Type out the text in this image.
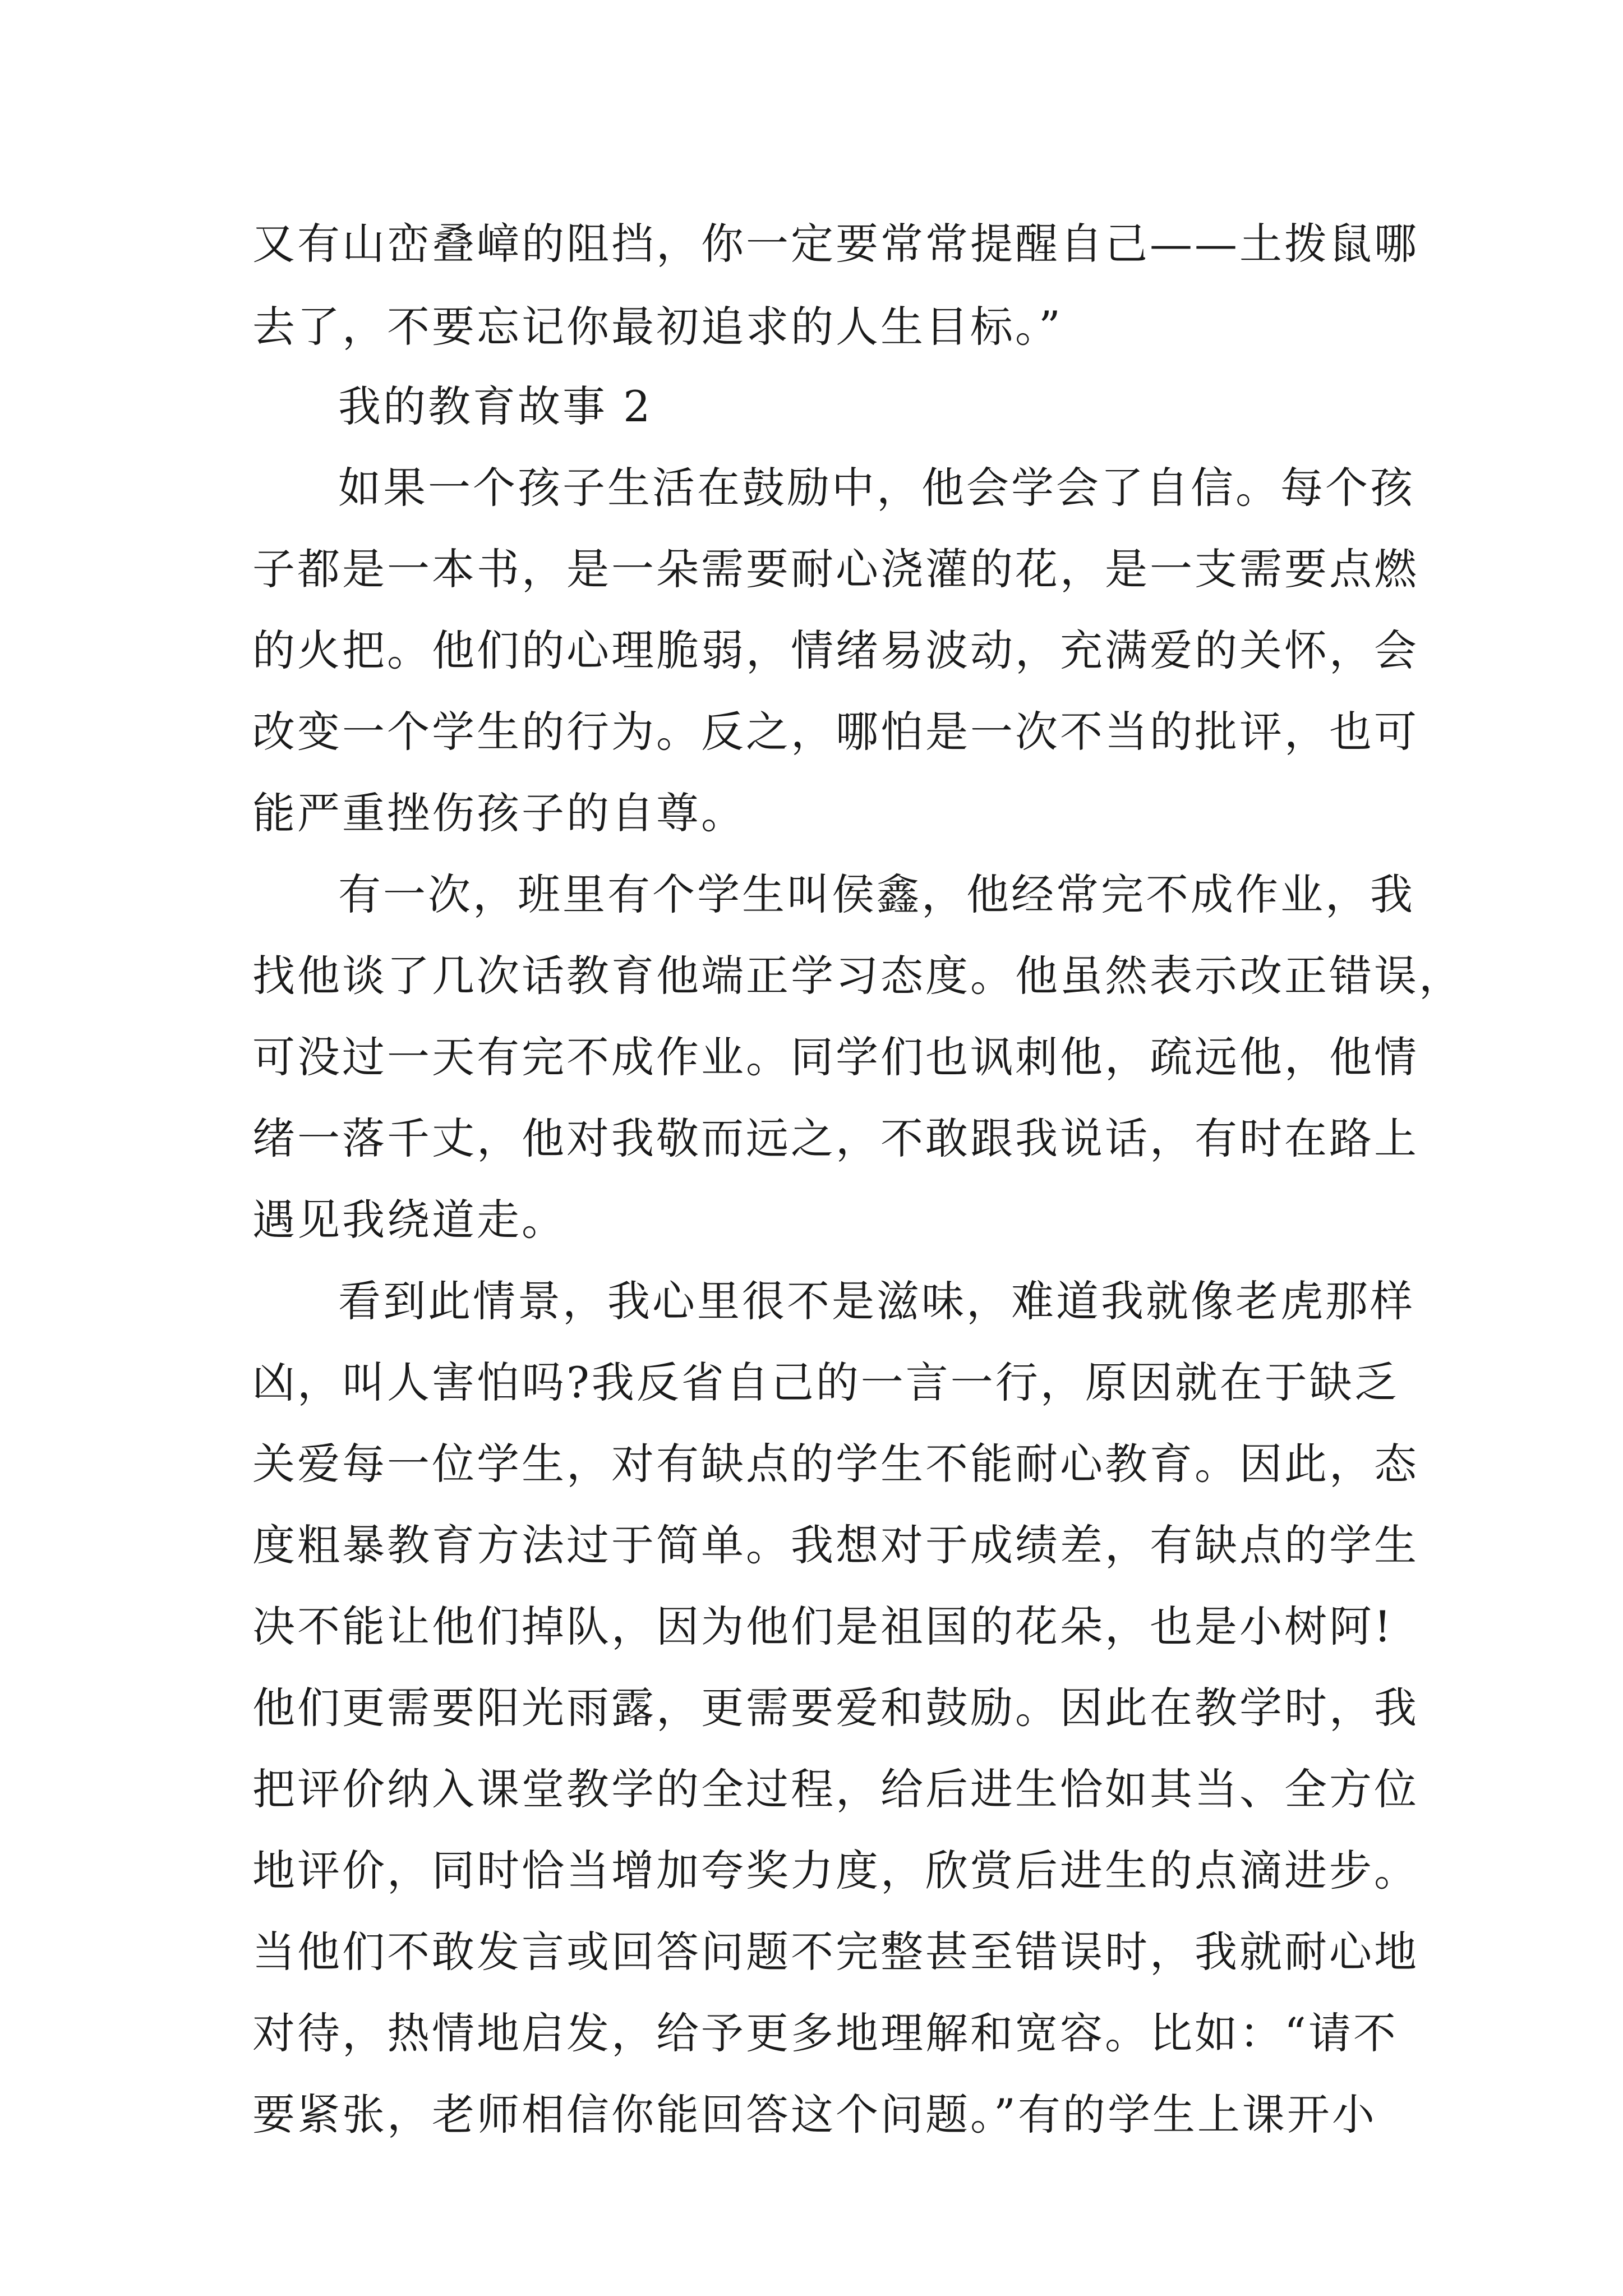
又有山峦叠嶂的阻挡，你一定要常常提醒自己——土拨鼠哪
去了，不要忘记你最初追求的人生目标。”
我的教育故事 2
如果一个孩子生活在鼓励中，他会学会了自信。每个孩
子都是一本书，是一朵需要耐心浇灌的花，是一支需要点燃
的火把。他们的心理脆弱，情绪易波动，充满爱的关怀，会
改变一个学生的行为。反之，哪怕是一次不当的批评，也可
能严重挫伤孩子的自尊。
有一次，班里有个学生叫侯鑫，他经常完不成作业，我
找他谈了几次话教育他端正学习态度。他虽然表示改正错误，
可没过一天有完不成作业。同学们也讽刺他，疏远他，他情
绪一落千丈，他对我敬而远之，不敢跟我说话，有时在路上
遇见我绕道走。
看到此情景，我心里很不是滋味，难道我就像老虎那样
凶，叫人害怕吗?我反省自己的一言一行，原因就在于缺乏
关爱每一位学生，对有缺点的学生不能耐心教育。因此，态
度粗暴教育方法过于简单。我想对于成绩差，有缺点的学生
决不能让他们掉队，因为他们是祖国的花朵，也是小树阿!
他们更需要阳光雨露，更需要爱和鼓励。因此在教学时，我
把评价纳入课堂教学的全过程，给后进生恰如其当、全方位
地评价，同时恰当增加夸奖力度，欣赏后进生的点滴进步。
当他们不敢发言或回答问题不完整甚至错误时，我就耐心地
对待，热情地启发，给予更多地理解和宽容。比如：“请不
要紧张，老师相信你能回答这个问题。”有的学生上课开小
